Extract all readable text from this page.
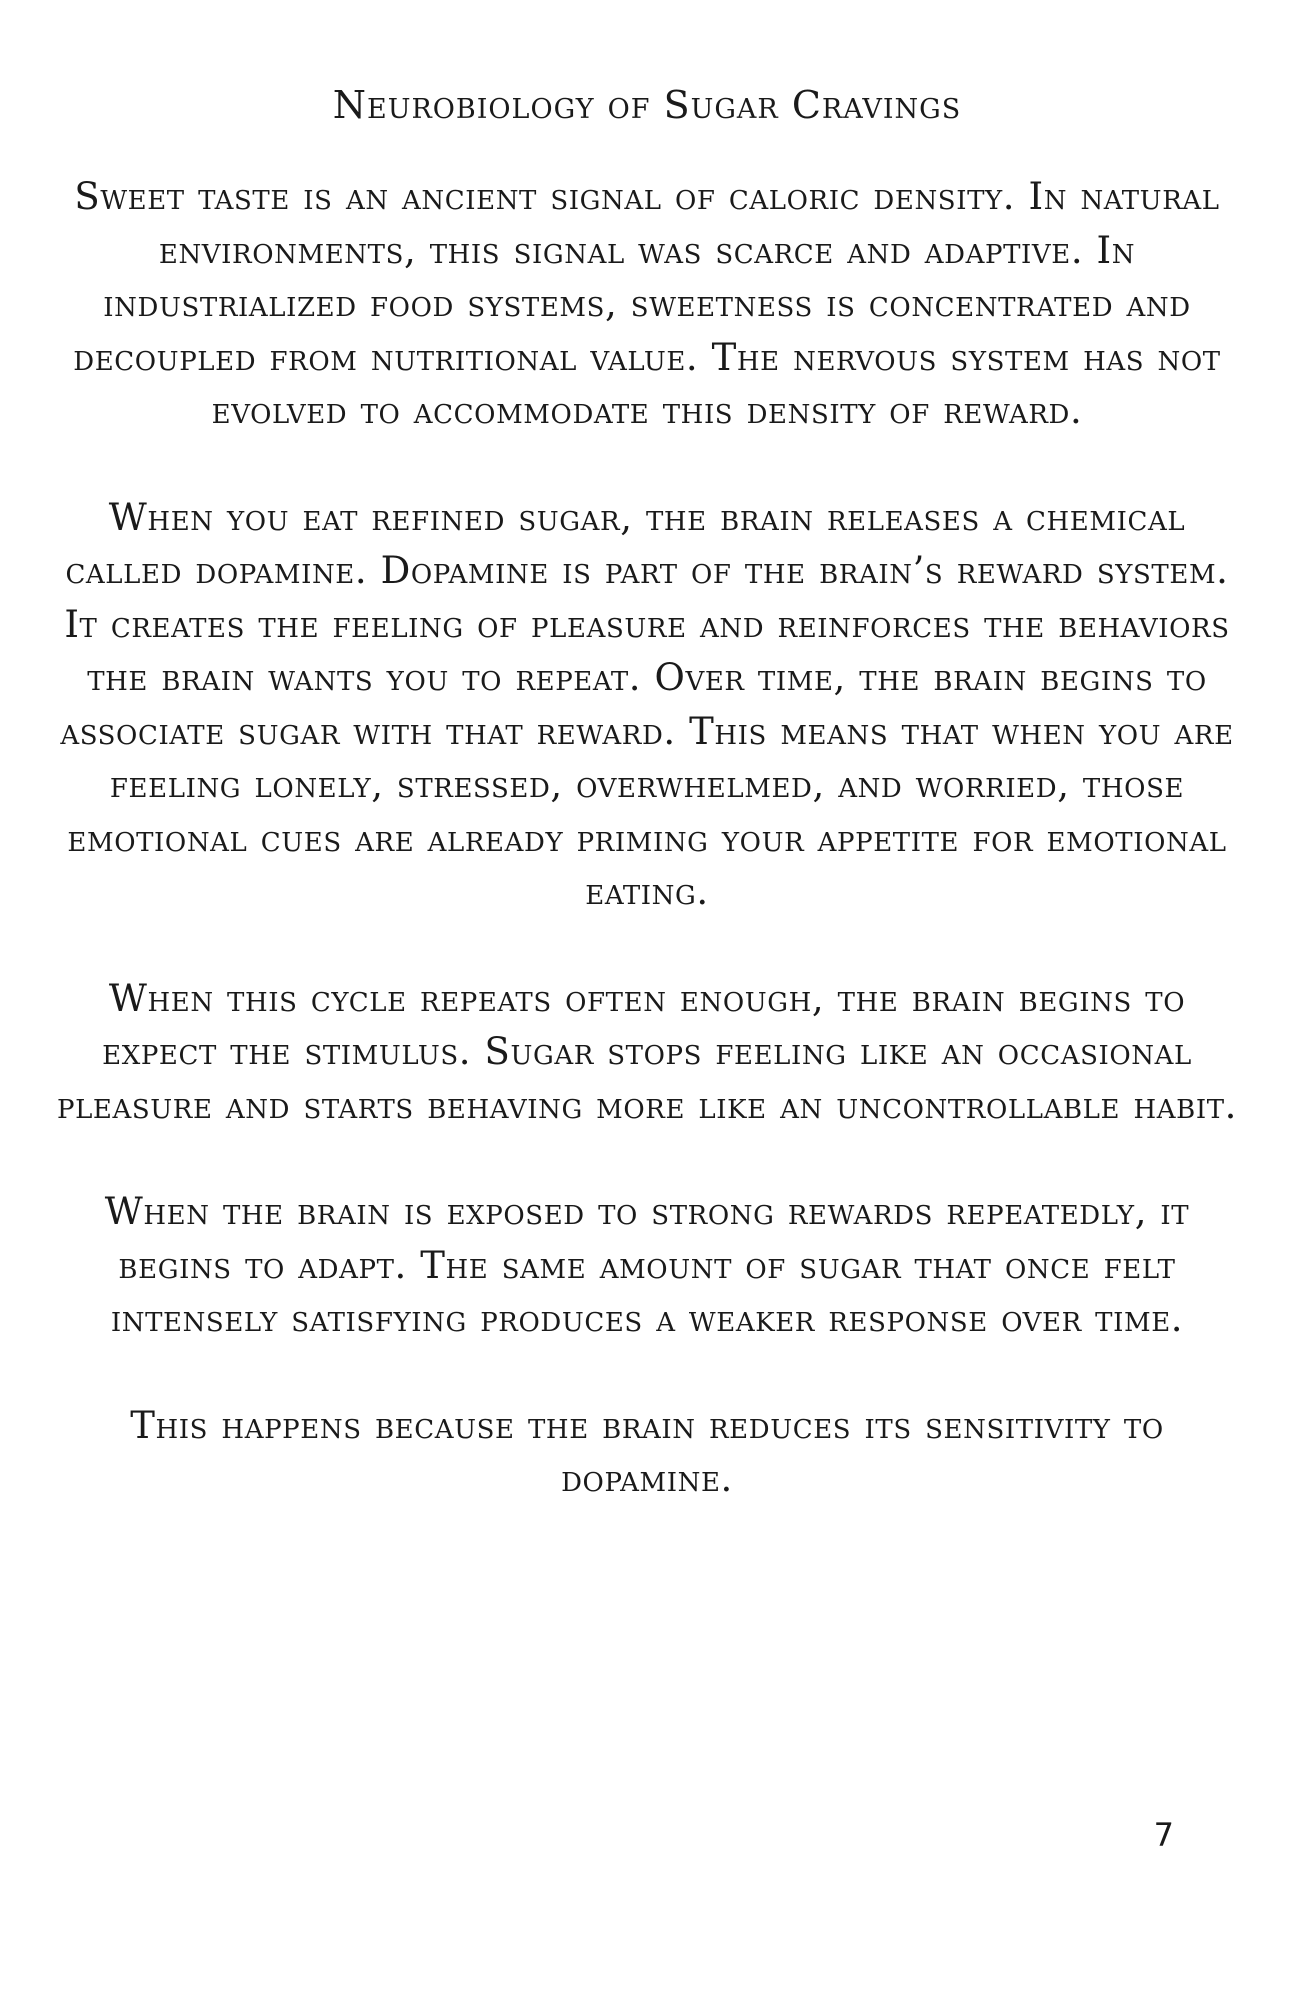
Neurobiology of Sugar Cravings

Sweet taste is an ancient signal of caloric density. In natural environments, this signal was scarce and adaptive. In industrialized food systems, sweetness is concentrated and decoupled from nutritional value. The nervous system has not evolved to accommodate this density of reward.

When you eat refined sugar, the brain releases a chemical called dopamine. Dopamine is part of the brain’s reward system. It creates the feeling of pleasure and reinforces the behaviors the brain wants you to repeat. Over time, the brain begins to associate sugar with that reward. This means that when you are feeling lonely, stressed, overwhelmed, and worried, those emotional cues are already priming your appetite for emotional eating.

When this cycle repeats often enough, the brain begins to expect the stimulus. Sugar stops feeling like an occasional pleasure and starts behaving more like an uncontrollable habit.

When the brain is exposed to strong rewards repeatedly, it begins to adapt. The same amount of sugar that once felt intensely satisfying produces a weaker response over time.

This happens because the brain reduces its sensitivity to dopamine.

7
